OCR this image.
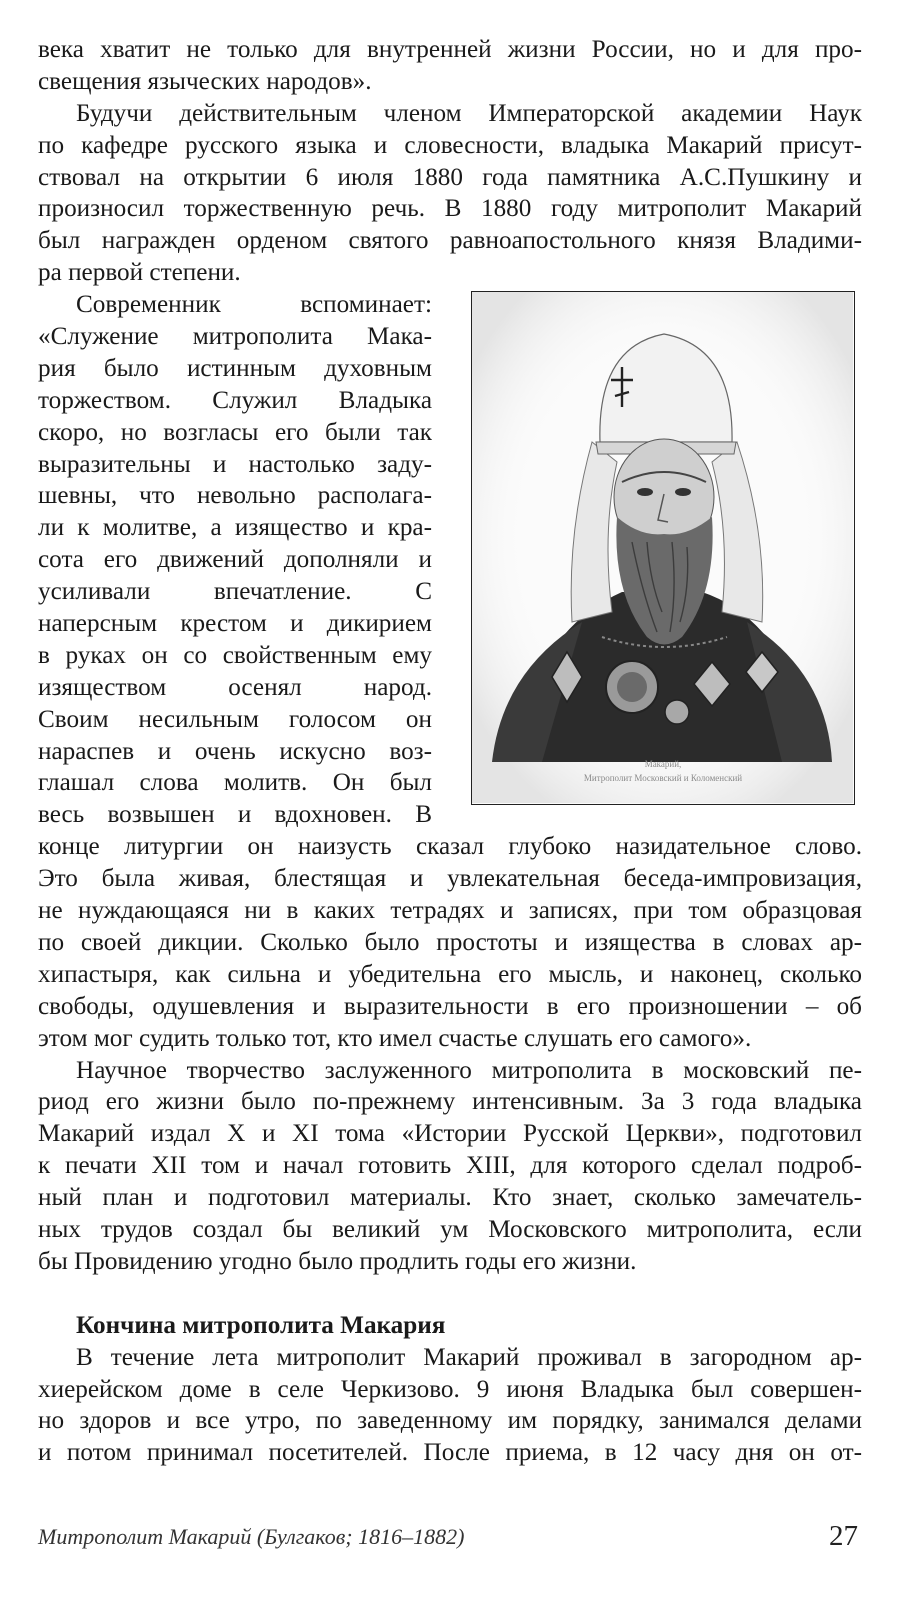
века хватит не только для внутренней жизни России, но и для про-
свещения языческих народов».
Будучи действительным членом Императорской академии Наук
по кафедре русского языка и словесности, владыка Макарий присут-
ствовал на открытии 6 июля 1880 года памятника А.С.Пушкину и
произносил торжественную речь. В 1880 году митрополит Макарий
был награжден орденом святого равноапостольного князя Владими-
ра первой степени.
Современник вспоминает:
«Служение митрополита Мака-
рия было истинным духовным
торжеством. Служил Владыка
скоро, но возгласы его были так
выразительны и настолько заду-
шевны, что невольно располага-
ли к молитве, а изящество и кра-
сота его движений дополняли и
усиливали впечатление. С
наперсным крестом и дикирием
в руках он со свойственным ему
изяществом осенял народ.
Своим несильным голосом он
нараспев и очень искусно воз-
глашал слова молитв. Он был
весь возвышен и вдохновен. В
Макарий,
Митрополит Московский и Коломенский
конце литургии он наизусть сказал глубоко назидательное слово.
Это была живая, блестящая и увлекательная беседа-импровизация,
не нуждающаяся ни в каких тетрадях и записях, при том образцовая
по своей дикции. Сколько было простоты и изящества в словах ар-
хипастыря, как сильна и убедительна его мысль, и наконец, сколько
свободы, одушевления и выразительности в его произношении – об
этом мог судить только тот, кто имел счастье слушать его самого».
Научное творчество заслуженного митрополита в московский пе-
риод его жизни было по-прежнему интенсивным. За 3 года владыка
Макарий издал X и XI тома «Истории Русской Церкви», подготовил
к печати XII том и начал готовить XIII, для которого сделал подроб-
ный план и подготовил материалы. Кто знает, сколько замечатель-
ных трудов создал бы великий ум Московского митрополита, если
бы Провидению угодно было продлить годы его жизни.
Кончина митрополита Макария
В течение лета митрополит Макарий проживал в загородном ар-
хиерейском доме в селе Черкизово. 9 июня Владыка был совершен-
но здоров и все утро, по заведенному им порядку, занимался делами
и потом принимал посетителей. После приема, в 12 часу дня он от-
Митрополит Макарий (Булгаков; 1816–1882)	27
